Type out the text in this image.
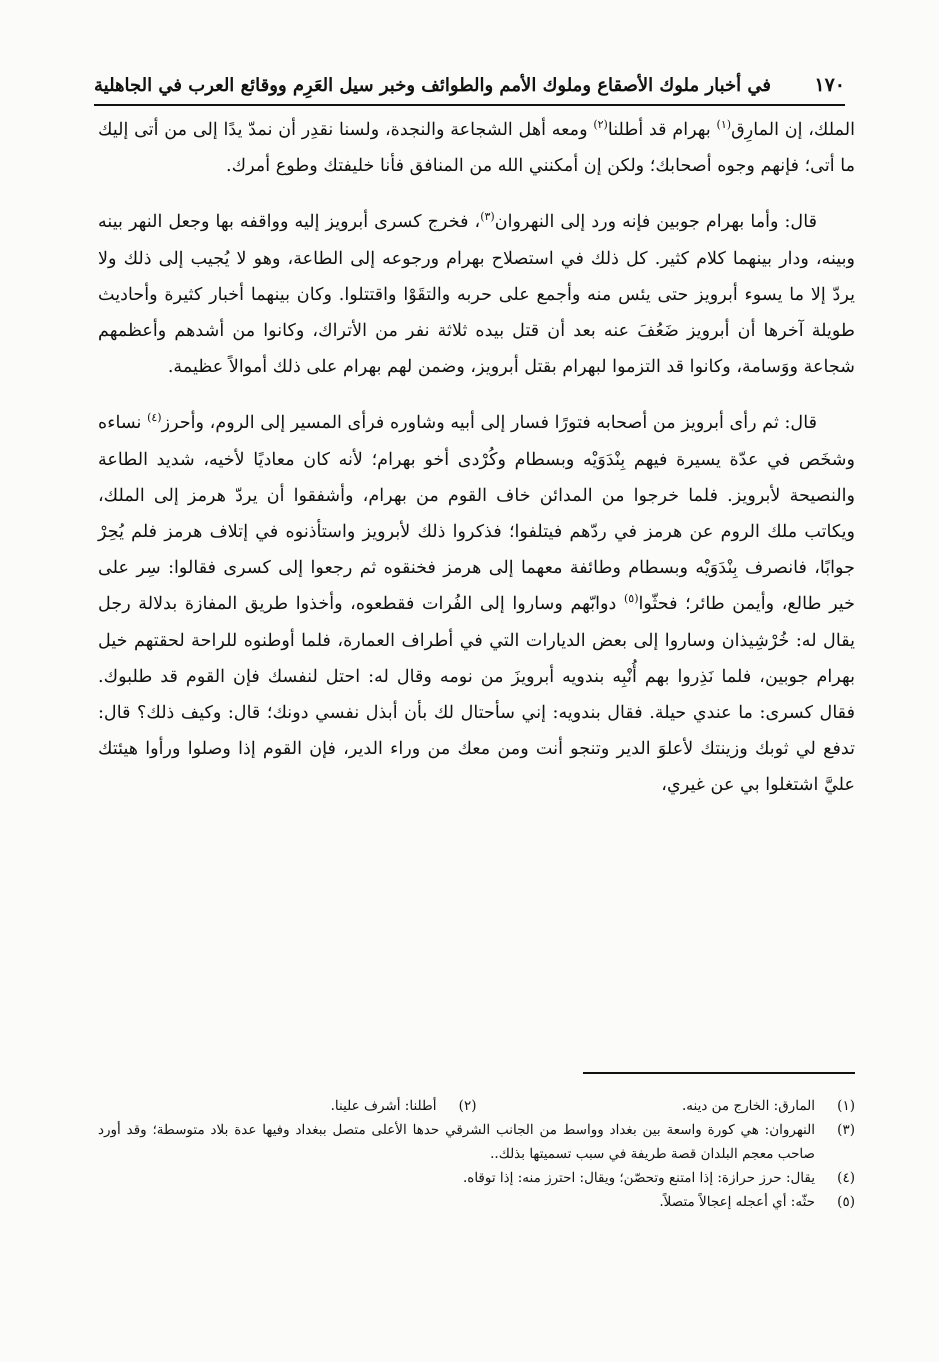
١٧٠
في أخبار ملوك الأصقاع وملوك الأمم والطوائف وخبر سيل العَرِم ووقائع العرب في الجاهلية

الملك، إن المارِق$^{(١)}$ بهرام قد أطلنا$^{(٢)}$ ومعه أهل الشجاعة والنجدة، ولسنا نقدِر أن نمدّ يدًا إلى من أتى إليك ما أتى؛ فإنهم وجوه أصحابك؛ ولكن إن أمكنني الله من المنافق فأنا خليفتك وطوع أمرك.

قال: وأما بهرام جوبين فإنه ورد إلى النهروان$^{(٣)}$، فخرج كسرى أبرويز إليه وواقفه بها وجعل النهر بينه وبينه، ودار بينهما كلام كثير. كل ذلك في استصلاح بهرام ورجوعه إلى الطاعة، وهو لا يُجيب إلى ذلك ولا يردّ إلا ما يسوء أبرويز حتى يئس منه وأجمع على حربه والتقَوْا واقتتلوا. وكان بينهما أخبار كثيرة وأحاديث طويلة آخرها أن أبرويز ضَعُفَ عنه بعد أن قتل بيده ثلاثة نفر من الأتراك، وكانوا من أشدهم وأعظمهم شجاعة ووَسامة، وكانوا قد التزموا لبهرام بقتل أبرويز، وضمن لهم بهرام على ذلك أموالاً عظيمة.

قال: ثم رأى أبرويز من أصحابه فتورًا فسار إلى أبيه وشاوره فرأى المسير إلى الروم، وأحرز$^{(٤)}$ نساءه وشخَص في عدّة يسيرة فيهم بِنْدَوَيْه وبسطام وكُرْدى أخو بهرام؛ لأنه كان معاديًا لأخيه، شديد الطاعة والنصيحة لأبرويز. فلما خرجوا من المدائن خاف القوم من بهرام، وأشفقوا أن يردّ هرمز إلى الملك، ويكاتب ملك الروم عن هرمز في ردّهم فيتلفوا؛ فذكروا ذلك لأبرويز واستأذنوه في إتلاف هرمز فلم يُحِرْ جوابًا، فانصرف بِنْدَوَيْه وبسطام وطائفة معهما إلى هرمز فخنقوه ثم رجعوا إلى كسرى فقالوا: سِر على خير طالع، وأيمن طائر؛ فحثّوا$^{(٥)}$ دوابّهم وساروا إلى الفُرات فقطعوه، وأخذوا طريق المفازة بدلالة رجل يقال له: خُرْشِيذان وساروا إلى بعض الديارات التي في أطراف العمارة، فلما أوطنوه للراحة لحقتهم خيل بهرام جوبين، فلما نَذِروا بهم أُنْبِه بندويه أبرويزَ من نومه وقال له: احتل لنفسك فإن القوم قد طلبوك. فقال كسرى: ما عندي حيلة. فقال بندويه: إني سأحتال لك بأن أبذل نفسي دونك؛ قال: وكيف ذلك؟ قال: تدفع لي ثوبك وزينتك لأعلوَ الدير وتنجو أنت ومن معك من وراء الدير، فإن القوم إذا وصلوا ورأوا هيئتك عليَّ اشتغلوا بي عن غيري،

(١)
المارق: الخارج من دينه.
(٢)
أطلنا: أشرف علينا.
(٣)
النهروان: هي كورة واسعة بين بغداد وواسط من الجانب الشرقي حدها الأعلى متصل ببغداد وفيها عدة بلاد متوسطة؛ وقد أورد صاحب معجم البلدان قصة طريفة في سبب تسميتها بذلك..
(٤)
يقال: حرز حرازة: إذا امتنع وتحصّن؛ ويقال: احترز منه: إذا توقاه.
(٥)
حثّه: أي أعجله إعجالاً متصلاً.
